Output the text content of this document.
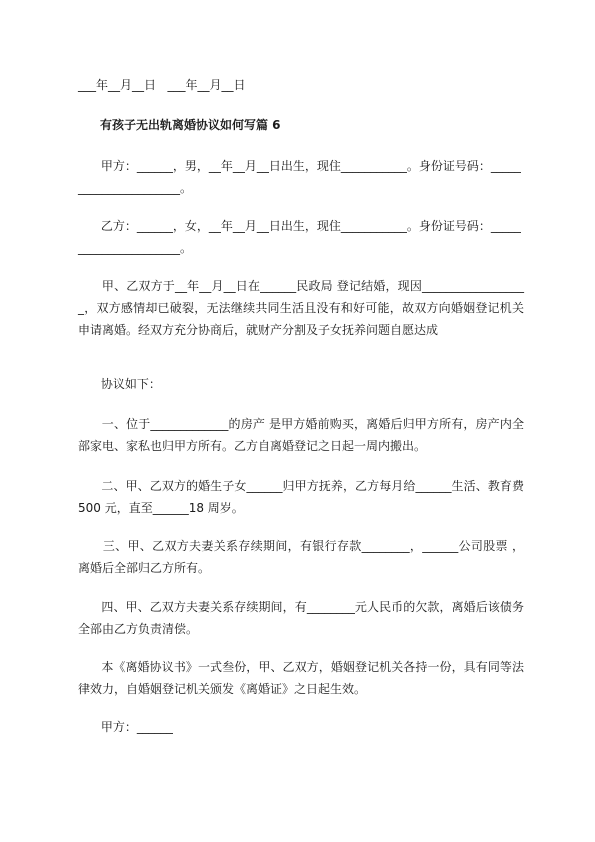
___年__月__日   ___年__月__日
有孩子无出轨离婚协议如何写篇 6
甲方：______，男，__年__月__日出生，现住___________。身份证号码：______________________。
乙方：______，女，__年__月__日出生，现住___________。身份证号码：______________________。
甲、乙双方于__年__月__日在______民政局 登记结婚，现因__________________，双方感情却已破裂，无法继续共同生活且没有和好可能，故双方向婚姻登记机关申请离婚。经双方充分协商后，就财产分割及子女抚养问题自愿达成
协议如下：
一、位于_____________的房产 是甲方婚前购买，离婚后归甲方所有，房产内全部家电、家私也归甲方所有。乙方自离婚登记之日起一周内搬出。
二、甲、乙双方的婚生子女______归甲方抚养，乙方每月给______生活、教育费 500 元，直至______18 周岁。
三、甲、乙双方夫妻关系存续期间，有银行存款________，______公司股票 ，离婚后全部归乙方所有。
四、甲、乙双方夫妻关系存续期间，有________元人民币的欠款，离婚后该债务全部由乙方负责清偿。
本《离婚协议书》一式叁份，甲、乙双方，婚姻登记机关各持一份，具有同等法律效力，自婚姻登记机关颁发《离婚证》之日起生效。
甲方：______
